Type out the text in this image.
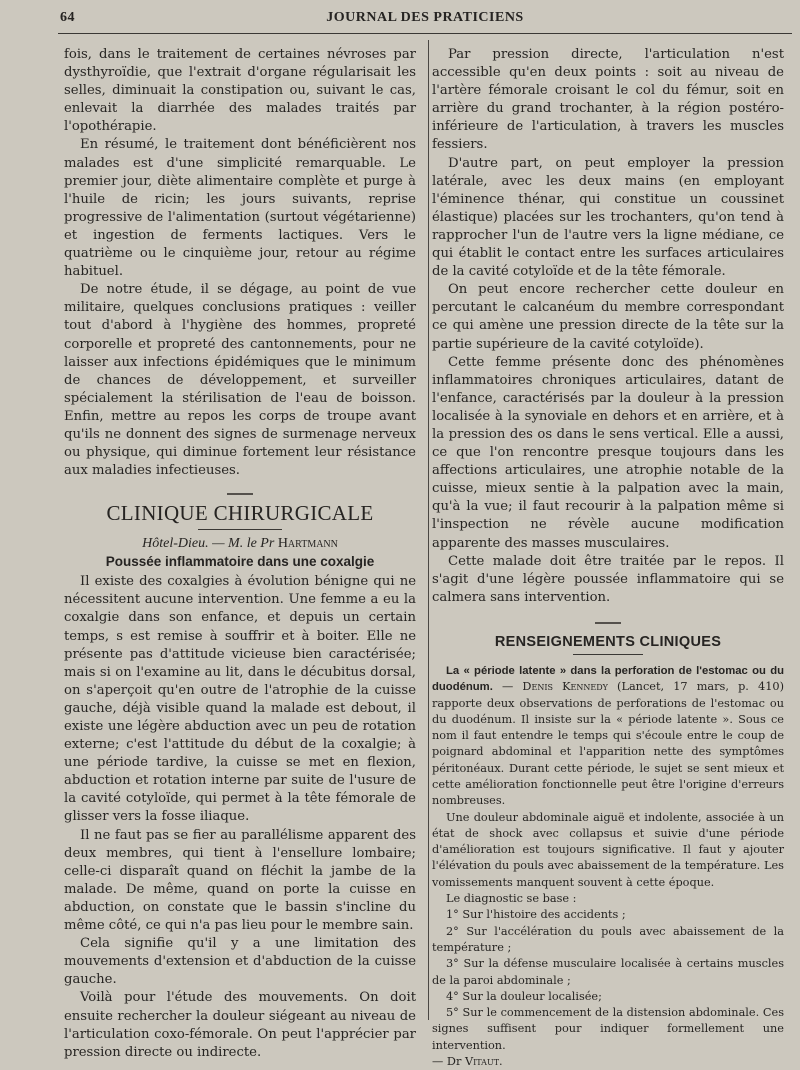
64	JOURNAL DES PRATICIENS

fois, dans le traitement de certaines névroses par dysthyroïdie, que l'extrait d'organe régularisait les selles, diminuait la constipation ou, suivant le cas, enlevait la diarrhée des malades traités par l'opothérapie.

En résumé, le traitement dont bénéficièrent nos malades est d'une simplicité remarquable. Le premier jour, diète alimentaire complète et purge à l'huile de ricin; les jours suivants, reprise progressive de l'alimentation (surtout végétarienne) et ingestion de ferments lactiques. Vers le quatrième ou le cinquième jour, retour au régime habituel.

De notre étude, il se dégage, au point de vue militaire, quelques conclusions pratiques : veiller tout d'abord à l'hygiène des hommes, propreté corporelle et propreté des cantonnements, pour ne laisser aux infections épidémiques que le minimum de chances de développement, et surveiller spécialement la stérilisation de l'eau de boisson. Enfin, mettre au repos les corps de troupe avant qu'ils ne donnent des signes de surmenage nerveux ou physique, qui diminue fortement leur résistance aux maladies infectieuses.

CLINIQUE CHIRURGICALE
Hôtel-Dieu. — M. le Pr Hartmann
Poussée inflammatoire dans une coxalgie

Il existe des coxalgies à évolution bénigne qui ne nécessitent aucune intervention. Une femme a eu la coxalgie dans son enfance, et depuis un certain temps, s est remise à souffrir et à boiter. Elle ne présente pas d'attitude vicieuse bien caractérisée; mais si on l'examine au lit, dans le décubitus dorsal, on s'aperçoit qu'en outre de l'atrophie de la cuisse gauche, déjà visible quand la malade est debout, il existe une légère abduction avec un peu de rotation externe; c'est l'attitude du début de la coxalgie; à une période tardive, la cuisse se met en flexion, abduction et rotation interne par suite de l'usure de la cavité cotyloïde, qui permet à la tête fémorale de glisser vers la fosse iliaque.

Il ne faut pas se fier au parallélisme apparent des deux membres, qui tient à l'ensellure lombaire; celle-ci disparaît quand on fléchit la jambe de la malade. De même, quand on porte la cuisse en abduction, on constate que le bassin s'incline du même côté, ce qui n'a pas lieu pour le membre sain.

Cela signifie qu'il y a une limitation des mouvements d'extension et d'abduction de la cuisse gauche.

Voilà pour l'étude des mouvements. On doit ensuite rechercher la douleur siégeant au niveau de l'articulation coxo-fémorale. On peut l'apprécier par pression directe ou indirecte.

Par pression directe, l'articulation n'est accessible qu'en deux points : soit au niveau de l'artère fémorale croisant le col du fémur, soit en arrière du grand trochanter, à la région postéro-inférieure de l'articulation, à travers les muscles fessiers.

D'autre part, on peut employer la pression latérale, avec les deux mains (en employant l'éminence thénar, qui constitue un coussinet élastique) placées sur les trochanters, qu'on tend à rapprocher l'un de l'autre vers la ligne médiane, ce qui établit le contact entre les surfaces articulaires de la cavité cotyloïde et de la tête fémorale.

On peut encore rechercher cette douleur en percutant le calcanéum du membre correspondant ce qui amène une pression directe de la tête sur la partie supérieure de la cavité cotyloïde).

Cette femme présente donc des phénomènes inflammatoires chroniques articulaires, datant de l'enfance, caractérisés par la douleur à la pression localisée à la synoviale en dehors et en arrière, et à la pression des os dans le sens vertical. Elle a aussi, ce que l'on rencontre presque toujours dans les affections articulaires, une atrophie notable de la cuisse, mieux sentie à la palpation avec la main, qu'à la vue; il faut recourir à la palpation même si l'inspection ne révèle aucune modification apparente des masses musculaires.

Cette malade doit être traitée par le repos. Il s'agit d'une légère poussée inflammatoire qui se calmera sans intervention.

RENSEIGNEMENTS CLINIQUES

La « période latente » dans la perforation de l'estomac ou du duodénum. — Denis Kennedy (Lancet, 17 mars, p. 410) rapporte deux observations de perforations de l'estomac ou du duodénum. Il insiste sur la « période latente ». Sous ce nom il faut entendre le temps qui s'écoule entre le coup de poignard abdominal et l'apparition nette des symptômes péritonéaux. Durant cette période, le sujet se sent mieux et cette amélioration fonctionnelle peut être l'origine d'erreurs nombreuses.

Une douleur abdominale aiguë et indolente, associée à un état de shock avec collapsus et suivie d'une période d'amélioration est toujours significative. Il faut y ajouter l'élévation du pouls avec abaissement de la température. Les vomissements manquent souvent à cette époque.

Le diagnostic se base :

1° Sur l'histoire des accidents ;

2° Sur l'accélération du pouls avec abaissement de la température ;

3° Sur la défense musculaire localisée à certains muscles de la paroi abdominale ;

4° Sur la douleur localisée;

5° Sur le commencement de la distension abdominale. Ces signes suffisent pour indiquer formellement une intervention.

— Dr Vitaut.
